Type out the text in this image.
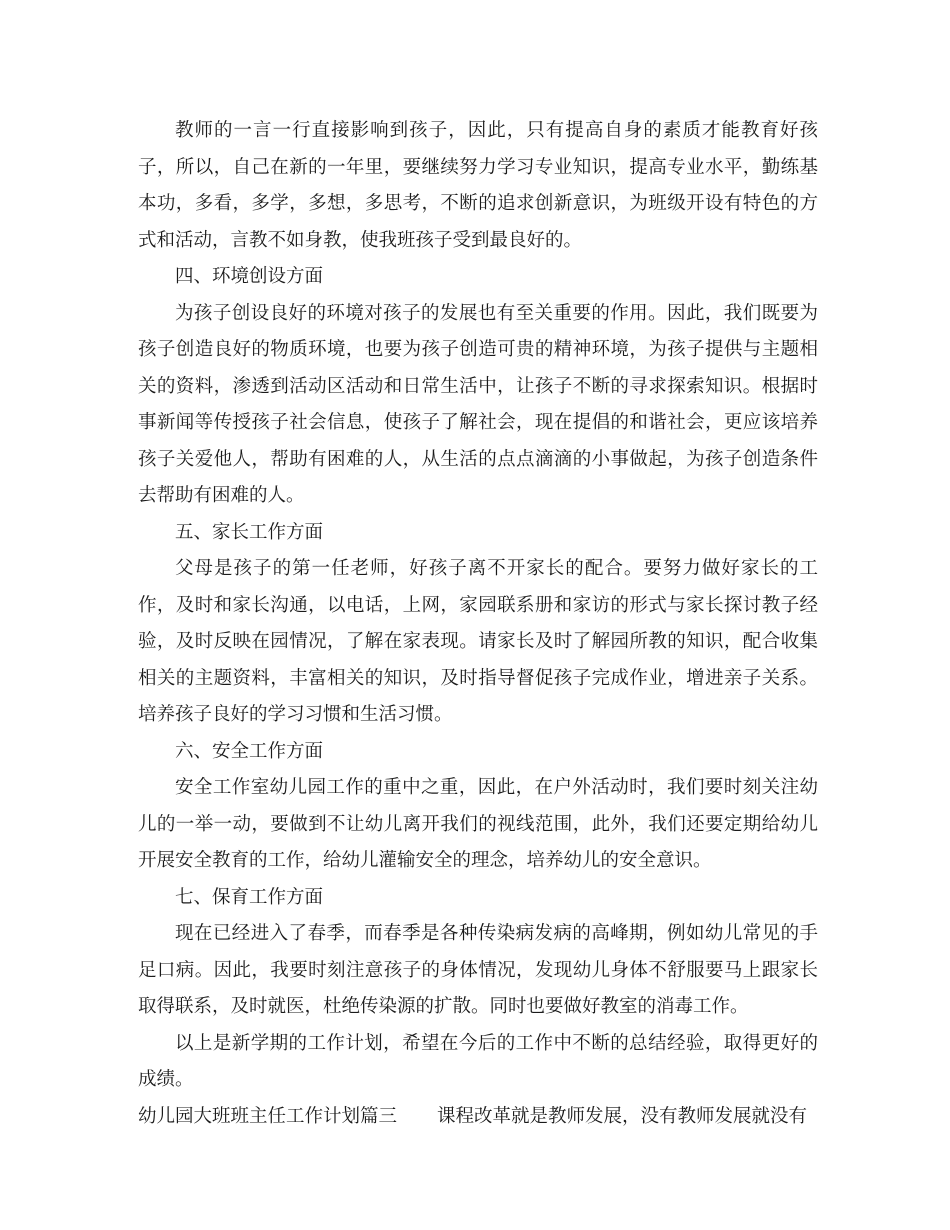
教师的一言一行直接影响到孩子，因此，只有提高自身的素质才能教育好孩子，所以，自己在新的一年里，要继续努力学习专业知识，提高专业水平，勤练基本功，多看，多学，多想，多思考，不断的追求创新意识，为班级开设有特色的方式和活动，言教不如身教，使我班孩子受到最良好的。

四、环境创设方面

为孩子创设良好的环境对孩子的发展也有至关重要的作用。因此，我们既要为孩子创造良好的物质环境，也要为孩子创造可贵的精神环境，为孩子提供与主题相关的资料，渗透到活动区活动和日常生活中，让孩子不断的寻求探索知识。根据时事新闻等传授孩子社会信息，使孩子了解社会，现在提倡的和谐社会，更应该培养孩子关爱他人，帮助有困难的人，从生活的点点滴滴的小事做起，为孩子创造条件去帮助有困难的人。

五、家长工作方面

父母是孩子的第一任老师，好孩子离不开家长的配合。要努力做好家长的工作，及时和家长沟通，以电话，上网，家园联系册和家访的形式与家长探讨教子经验，及时反映在园情况，了解在家表现。请家长及时了解园所教的知识，配合收集相关的主题资料，丰富相关的知识，及时指导督促孩子完成作业，增进亲子关系。培养孩子良好的学习习惯和生活习惯。

六、安全工作方面

安全工作室幼儿园工作的重中之重，因此，在户外活动时，我们要时刻关注幼儿的一举一动，要做到不让幼儿离开我们的视线范围，此外，我们还要定期给幼儿开展安全教育的工作，给幼儿灌输安全的理念，培养幼儿的安全意识。

七、保育工作方面

现在已经进入了春季，而春季是各种传染病发病的高峰期，例如幼儿常见的手足口病。因此，我要时刻注意孩子的身体情况，发现幼儿身体不舒服要马上跟家长取得联系，及时就医，杜绝传染源的扩散。同时也要做好教室的消毒工作。

以上是新学期的工作计划，希望在今后的工作中不断的总结经验，取得更好的成绩。

幼儿园大班班主任工作计划篇三 课程改革就是教师发展，没有教师发展就没有
